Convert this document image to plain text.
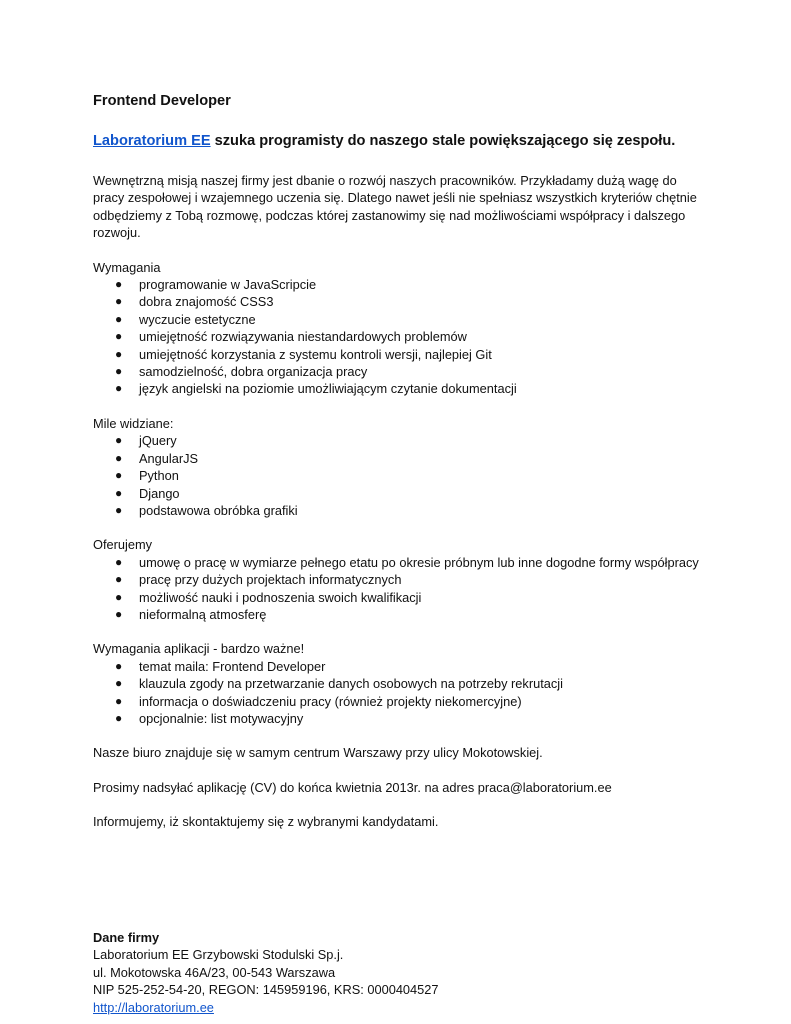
Frontend Developer

Laboratorium EE szuka programisty do naszego stale powiększającego się zespołu.

Wewnętrzną misją naszej firmy jest dbanie o rozwój naszych pracowników. Przykładamy dużą wagę do pracy zespołowej i wzajemnego uczenia się. Dlatego nawet jeśli nie spełniasz wszystkich kryteriów chętnie odbędziemy z Tobą rozmowę, podczas której zastanowimy się nad możliwościami współpracy i dalszego rozwoju.

Wymagania
● programowanie w JavaScripcie
● dobra znajomość CSS3
● wyczucie estetyczne
● umiejętność rozwiązywania niestandardowych problemów
● umiejętność korzystania z systemu kontroli wersji, najlepiej Git
● samodzielność, dobra organizacja pracy
● język angielski na poziomie umożliwiającym czytanie dokumentacji
Mile widziane:
● jQuery
● AngularJS
● Python
● Django
● podstawowa obróbka grafiki
Oferujemy
● umowę o pracę w wymiarze pełnego etatu po okresie próbnym lub inne dogodne formy współpracy
● pracę przy dużych projektach informatycznych
● możliwość nauki i podnoszenia swoich kwalifikacji
● nieformalną atmosferę
Wymagania aplikacji - bardzo ważne!
● temat maila: Frontend Developer
● klauzula zgody na przetwarzanie danych osobowych na potrzeby rekrutacji
● informacja o doświadczeniu pracy (również projekty niekomercyjne)
● opcjonalnie: list motywacyjny

Nasze biuro znajduje się w samym centrum Warszawy przy ulicy Mokotowskiej.

Prosimy nadsyłać aplikację (CV) do końca kwietnia 2013r. na adres praca@laboratorium.ee

Informujemy, iż skontaktujemy się z wybranymi kandydatami.

Dane firmy
Laboratorium EE Grzybowski Stodulski Sp.j.
ul. Mokotowska 46A/23, 00-543 Warszawa
NIP 525-252-54-20, REGON: 145959196, KRS: 0000404527
http://laboratorium.ee
